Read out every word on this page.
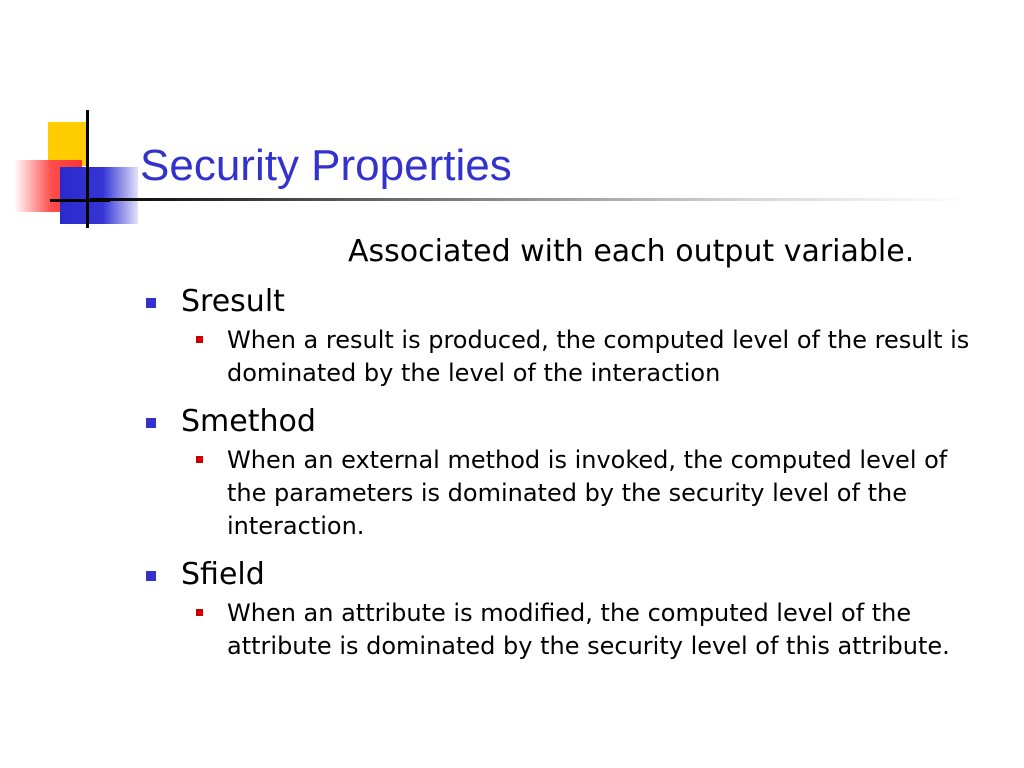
Security Properties
Associated with each output variable.
Sresult
When a result is produced, the computed level of the result is dominated by the level of the interaction
Smethod
When an external method is invoked, the computed level of the parameters is dominated by the security level of the interaction.
Sfield
When an attribute is modified, the computed level of the attribute is dominated by the security level of this attribute.
